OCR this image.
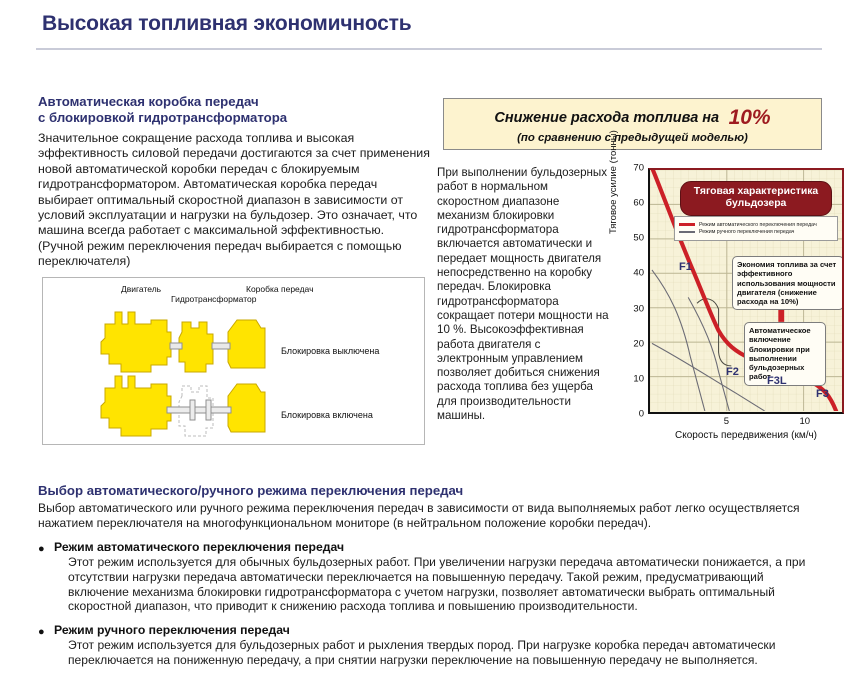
Высокая топливная экономичность
Автоматическая коробка передач
с блокировкой гидротрансформатора
Значительное сокращение расхода топлива и высокая эффективность силовой передачи достигаются за счет применения новой автоматической коробки передач с блокируемым гидротрансформатором. Автоматическая коробка передач выбирает оптимальный скоростной диапазон в зависимости от условий эксплуатации и нагрузки на бульдозер. Это означает, что машина всегда работает с максимальной эффективностью. (Ручной режим переключения передач выбирается с помощью переключателя)
Двигатель
Гидротрансформатор
Коробка передач
Блокировка выключена
Блокировка включена
Снижение расхода топлива на 10%
(по сравнению с предыдущей моделью)
При выполнении бульдозерных работ в нормальном скоростном диапазоне механизм блокировки гидротрансформатора включается автоматически и передает мощность двигателя непосредственно на коробку передач. Блокировка гидротрансформатора сокращает потери мощности на 10 %. Высокоэффективная работа двигателя с электронным управлением позволяет добиться снижения расхода топлива без ущерба для производительности машины.
Тяговое усилие (тонны) 70
60
50
40
30
20
10
0
Тяговая характеристика бульдозера
Режим автоматического переключения передач
Режим ручного переключения передач
Экономия топлива за счет эффективного использования мощности двигателя (снижение расхода на 10%)
Автоматическое включение блокировки при выполнении бульдозерных работ
F1
F2
F3L
F3
5	10
Скорость передвижения (км/ч)
Выбор автоматического/ручного режима переключения передач
Выбор автоматического или ручного режима переключения передач в зависимости от вида выполняемых работ легко осуществляется нажатием переключателя на многофункциональном мониторе (в нейтральном положение коробки передач).
● Режим автоматического переключения передач
Этот режим используется для обычных бульдозерных работ. При увеличении нагрузки передача автоматически понижается, а при отсутствии нагрузки передача автоматически переключается на повышенную передачу. Такой режим, предусматривающий включение механизма блокировки гидротрансформатора с учетом нагрузки, позволяет автоматически выбрать оптимальный скоростной диапазон, что приводит к снижению расхода топлива и повышению производительности.
● Режим ручного переключения передач
Этот режим используется для бульдозерных работ и рыхления твердых пород. При нагрузке коробка передач автоматически переключается на пониженную передачу, а при снятии нагрузки переключение на повышенную передачу не выполняется.
